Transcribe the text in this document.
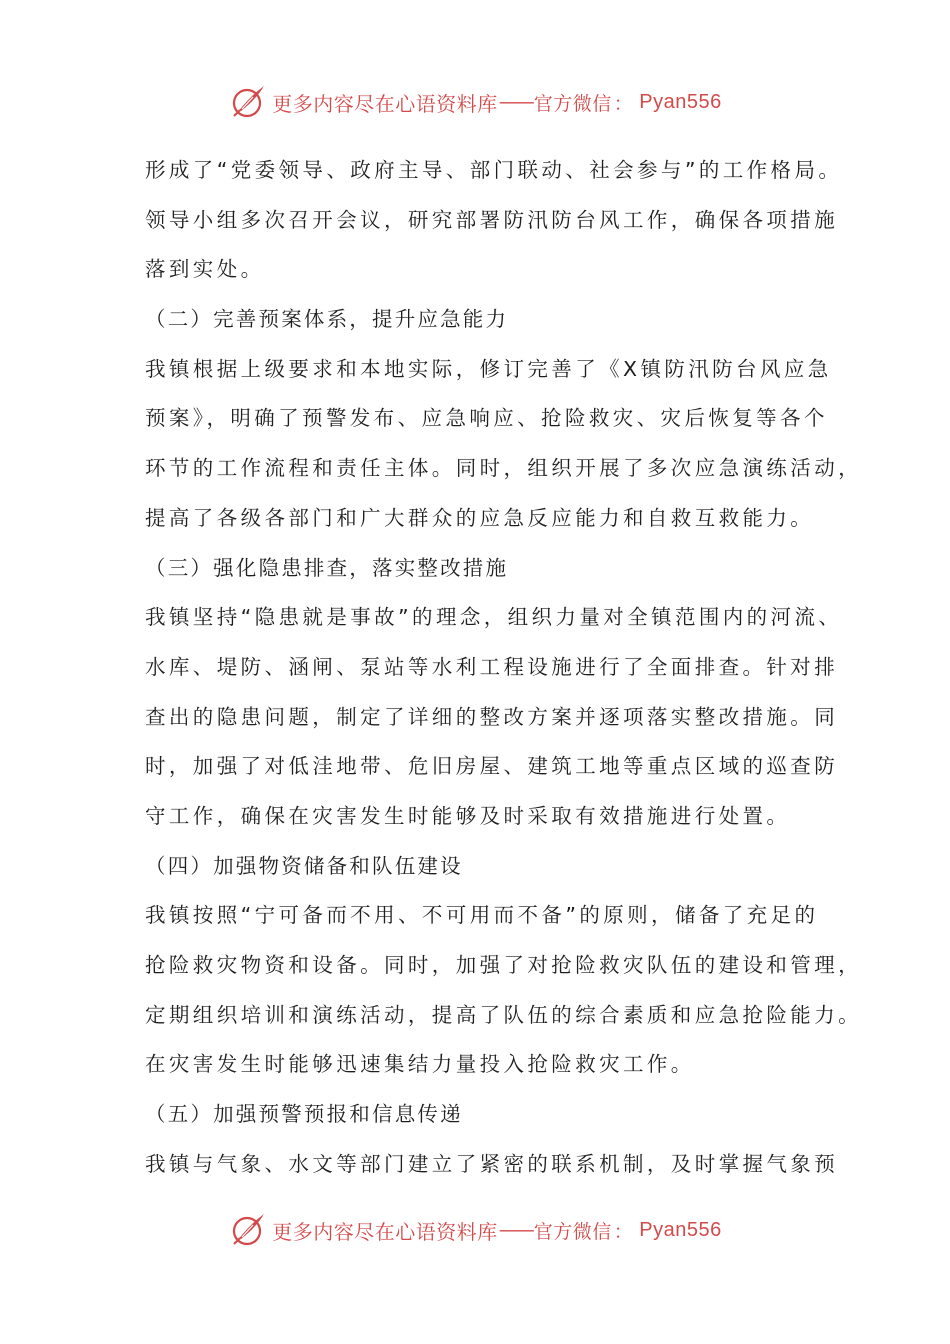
更多内容尽在心语资料库 —— 官方微信 ： Pyan556
形成了“党委领导、政府主导、部门联动、社会参与”的工作格局。
领导小组多次召开会议，研究部署防汛防台风工作，确保各项措施
落到实处。
（二）完善预案体系，提升应急能力
我镇根据上级要求和本地实际，修订完善了《X镇防汛防台风应急
预案》，明确了预警发布、应急响应、抢险救灾、灾后恢复等各个
环节的工作流程和责任主体。同时，组织开展了多次应急演练活动，
提高了各级各部门和广大群众的应急反应能力和自救互救能力。
（三）强化隐患排查，落实整改措施
我镇坚持“隐患就是事故”的理念，组织力量对全镇范围内的河流、
水库、堤防、涵闸、泵站等水利工程设施进行了全面排查。针对排
查出的隐患问题，制定了详细的整改方案并逐项落实整改措施。同
时，加强了对低洼地带、危旧房屋、建筑工地等重点区域的巡查防
守工作，确保在灾害发生时能够及时采取有效措施进行处置。
（四）加强物资储备和队伍建设
我镇按照“宁可备而不用、不可用而不备”的原则，储备了充足的
抢险救灾物资和设备。同时，加强了对抢险救灾队伍的建设和管理，
定期组织培训和演练活动，提高了队伍的综合素质和应急抢险能力。
在灾害发生时能够迅速集结力量投入抢险救灾工作。
（五）加强预警预报和信息传递
我镇与气象、水文等部门建立了紧密的联系机制，及时掌握气象预
更多内容尽在心语资料库 —— 官方微信 ： Pyan556
